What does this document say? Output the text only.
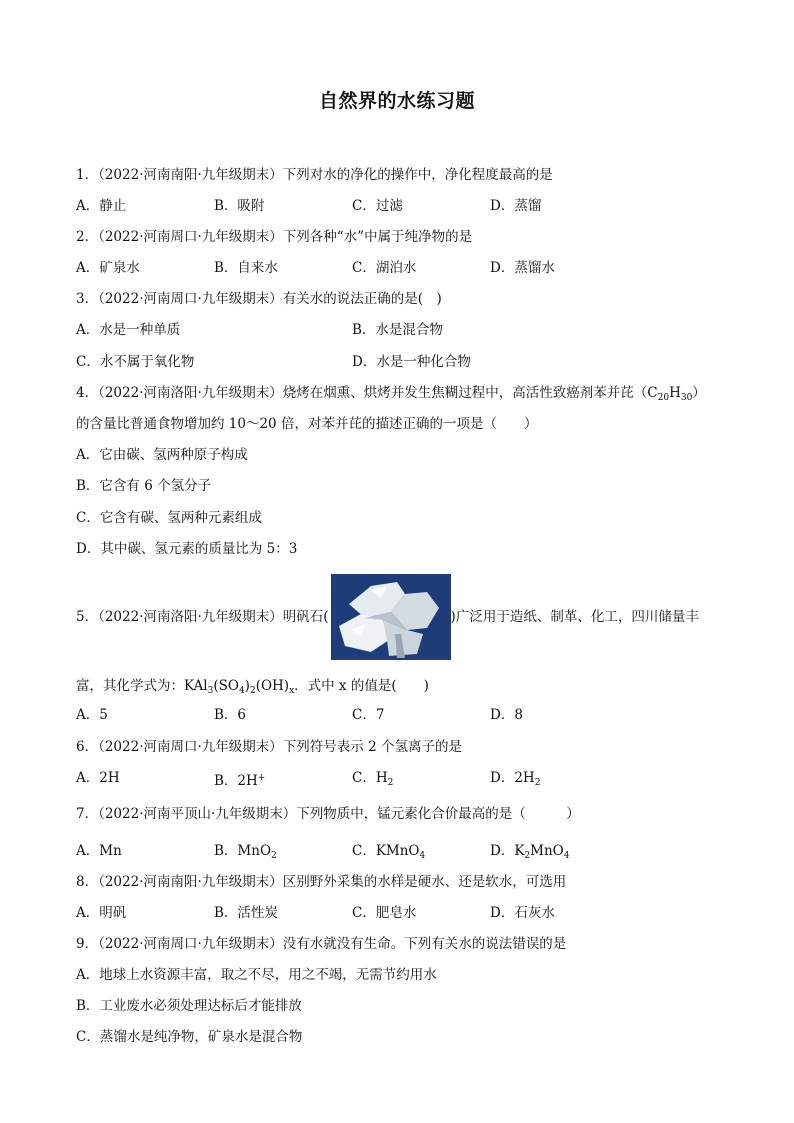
自然界的水练习题
1．（2022·河南南阳·九年级期末）下列对水的净化的操作中，净化程度最高的是
A．静止	B．吸附	C．过滤	D．蒸馏
2．（2022·河南周口·九年级期末）下列各种“水”中属于纯净物的是
A．矿泉水	B．自来水	C．湖泊水	D．蒸馏水
3．（2022·河南周口·九年级期末）有关水的说法正确的是(　)
A．水是一种单质	B．水是混合物
C．水不属于氧化物	D．水是一种化合物
4．（2022·河南洛阳·九年级期末）烧烤在烟熏、烘烤并发生焦糊过程中，高活性致癌剂苯并芘$(C_{20}H_{30})$
的含量比普通食物增加约 10～20 倍，对苯并芘的描述正确的一项是（　　）
A．它由碳、氢两种原子构成
B．它含有 6 个氢分子
C．它含有碳、氢两种元素组成
D．其中碳、氢元素的质量比为 5：3
5．（2022·河南洛阳·九年级期末）明矾石(	)广泛用于造纸、制革、化工，四川储量丰
富，其化学式为：$KAl_3(SO_4)_2(OH)_x$．式中 x 的值是(　　)
A．5	B．6	C．7	D．8
6．（2022·河南周口·九年级期末）下列符号表示 2 个氢离子的是
A．2H	B．2H+	C．$H_2$	D．$2H_2$
7．（2022·河南平顶山·九年级期末）下列物质中，锰元素化合价最高的是（　　　）
A．Mn	B．MnO$_2$	C．KMnO$_4$	D．$K_2MnO_4$
8．（2022·河南南阳·九年级期末）区别野外采集的水样是硬水、还是软水，可选用
A．明矾	B．活性炭	C．肥皂水	D．石灰水
9．（2022·河南周口·九年级期末）没有水就没有生命。下列有关水的说法错误的是
A．地球上水资源丰富，取之不尽，用之不竭，无需节约用水
B．工业废水必须处理达标后才能排放
C．蒸馏水是纯净物，矿泉水是混合物
